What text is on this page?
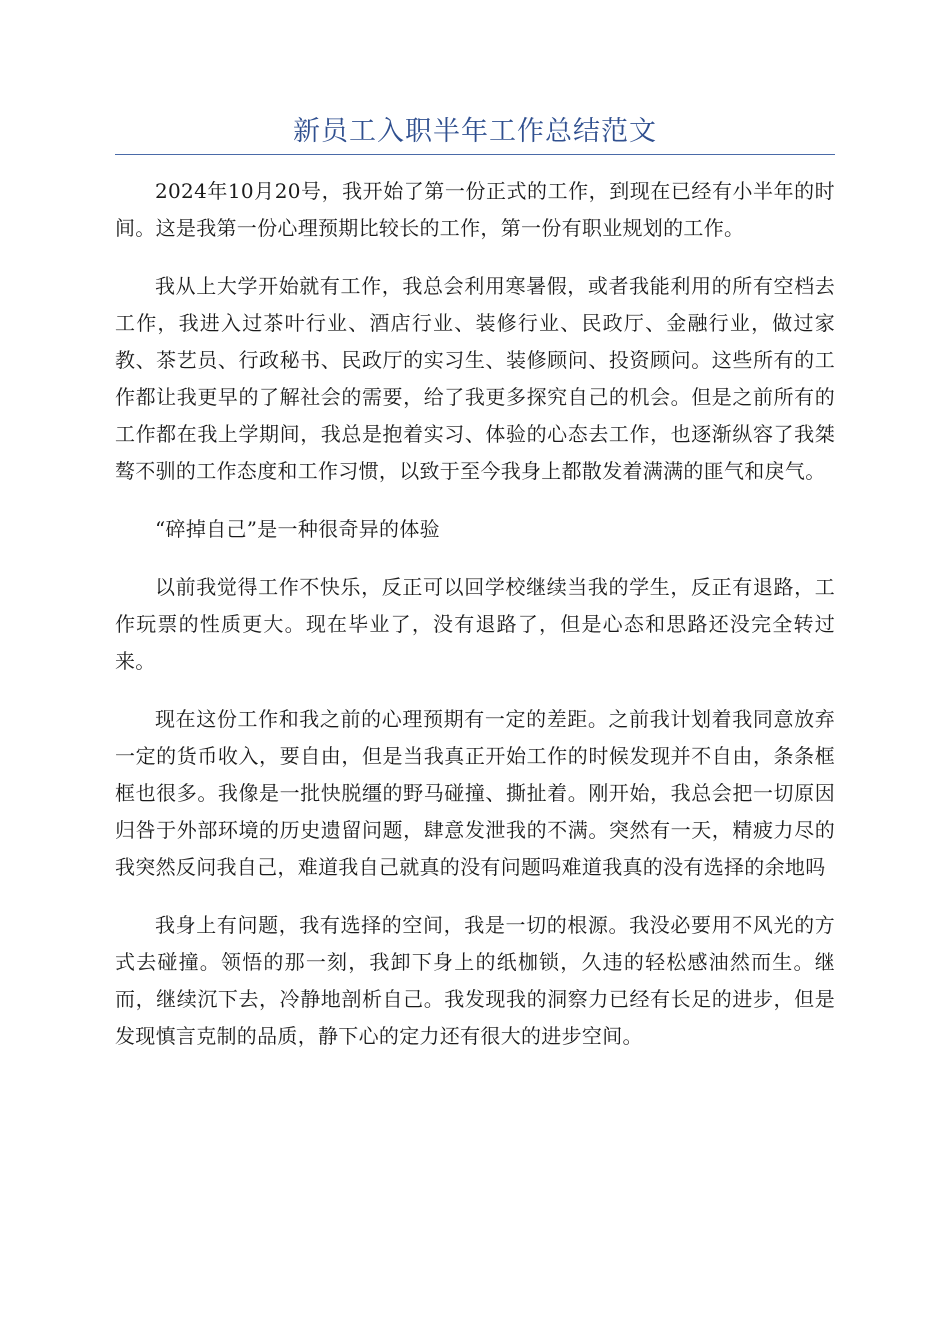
新员工入职半年工作总结范文

2024年10月20号，我开始了第一份正式的工作，到现在已经有小半年的时间。这是我第一份心理预期比较长的工作，第一份有职业规划的工作。

我从上大学开始就有工作，我总会利用寒暑假，或者我能利用的所有空档去工作，我进入过茶叶行业、酒店行业、装修行业、民政厅、金融行业，做过家教、茶艺员、行政秘书、民政厅的实习生、装修顾问、投资顾问。这些所有的工作都让我更早的了解社会的需要，给了我更多探究自己的机会。但是之前所有的工作都在我上学期间，我总是抱着实习、体验的心态去工作，也逐渐纵容了我桀骜不驯的工作态度和工作习惯，以致于至今我身上都散发着满满的匪气和戾气。

“碎掉自己”是一种很奇异的体验

以前我觉得工作不快乐，反正可以回学校继续当我的学生，反正有退路，工作玩票的性质更大。现在毕业了，没有退路了，但是心态和思路还没完全转过来。

现在这份工作和我之前的心理预期有一定的差距。之前我计划着我同意放弃一定的货币收入，要自由，但是当我真正开始工作的时候发现并不自由，条条框框也很多。我像是一批快脱缰的野马碰撞、撕扯着。刚开始，我总会把一切原因归咎于外部环境的历史遗留问题，肆意发泄我的不满。突然有一天，精疲力尽的我突然反问我自己，难道我自己就真的没有问题吗难道我真的没有选择的余地吗

我身上有问题，我有选择的空间，我是一切的根源。我没必要用不风光的方式去碰撞。领悟的那一刻，我卸下身上的纸枷锁，久违的轻松感油然而生。继而，继续沉下去，冷静地剖析自己。我发现我的洞察力已经有长足的进步，但是发现慎言克制的品质，静下心的定力还有很大的进步空间。
